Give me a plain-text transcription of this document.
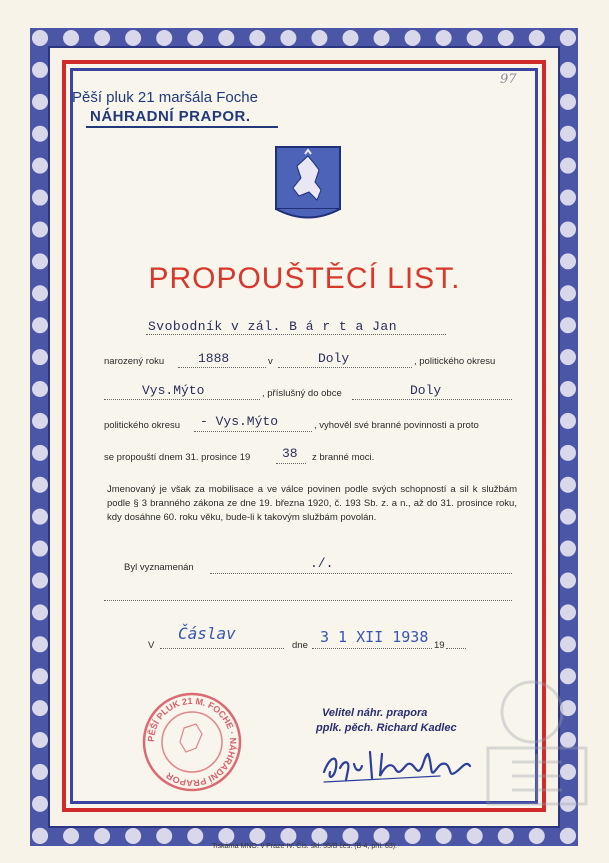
97
Pěší pluk 21 maršála Foche
NÁHRADNÍ PRAPOR.
PROPOUŠTĚCÍ LIST.
Svobodník v zál. B á r t a Jan
narozený roku	1888	v	Doly	, politického okresu
Vys.Mýto	, příslušný do obce	Doly
politického okresu - Vys.Mýto	, vyhověl své branné povinnosti a proto
se propouští dnem 31. prosince 19 38 z branné moci.
Jmenovaný je však za mobilisace a ve válce povinen podle svých schopností a sil k službám podle § 3 branného zákona ze dne 19. března 1920, č. 193 Sb. z. a n., až do 31. prosince roku, kdy dosáhne 60. roku věku, bude-li k takovým službám povolán.
Byl vyznamenán	./.
V
Čáslav
dne 3 1 XII 1938 19
PĚŠÍ PLUK 21 M. FOCHE · NÁHRADNÍ PRAPOR
Velitel náhr. prapora
pplk. pěch. Richard Kadlec
Tiskárna MNO. v Praze IV. Čís. skl. 35/B čes. (B-4, příl. 63).
